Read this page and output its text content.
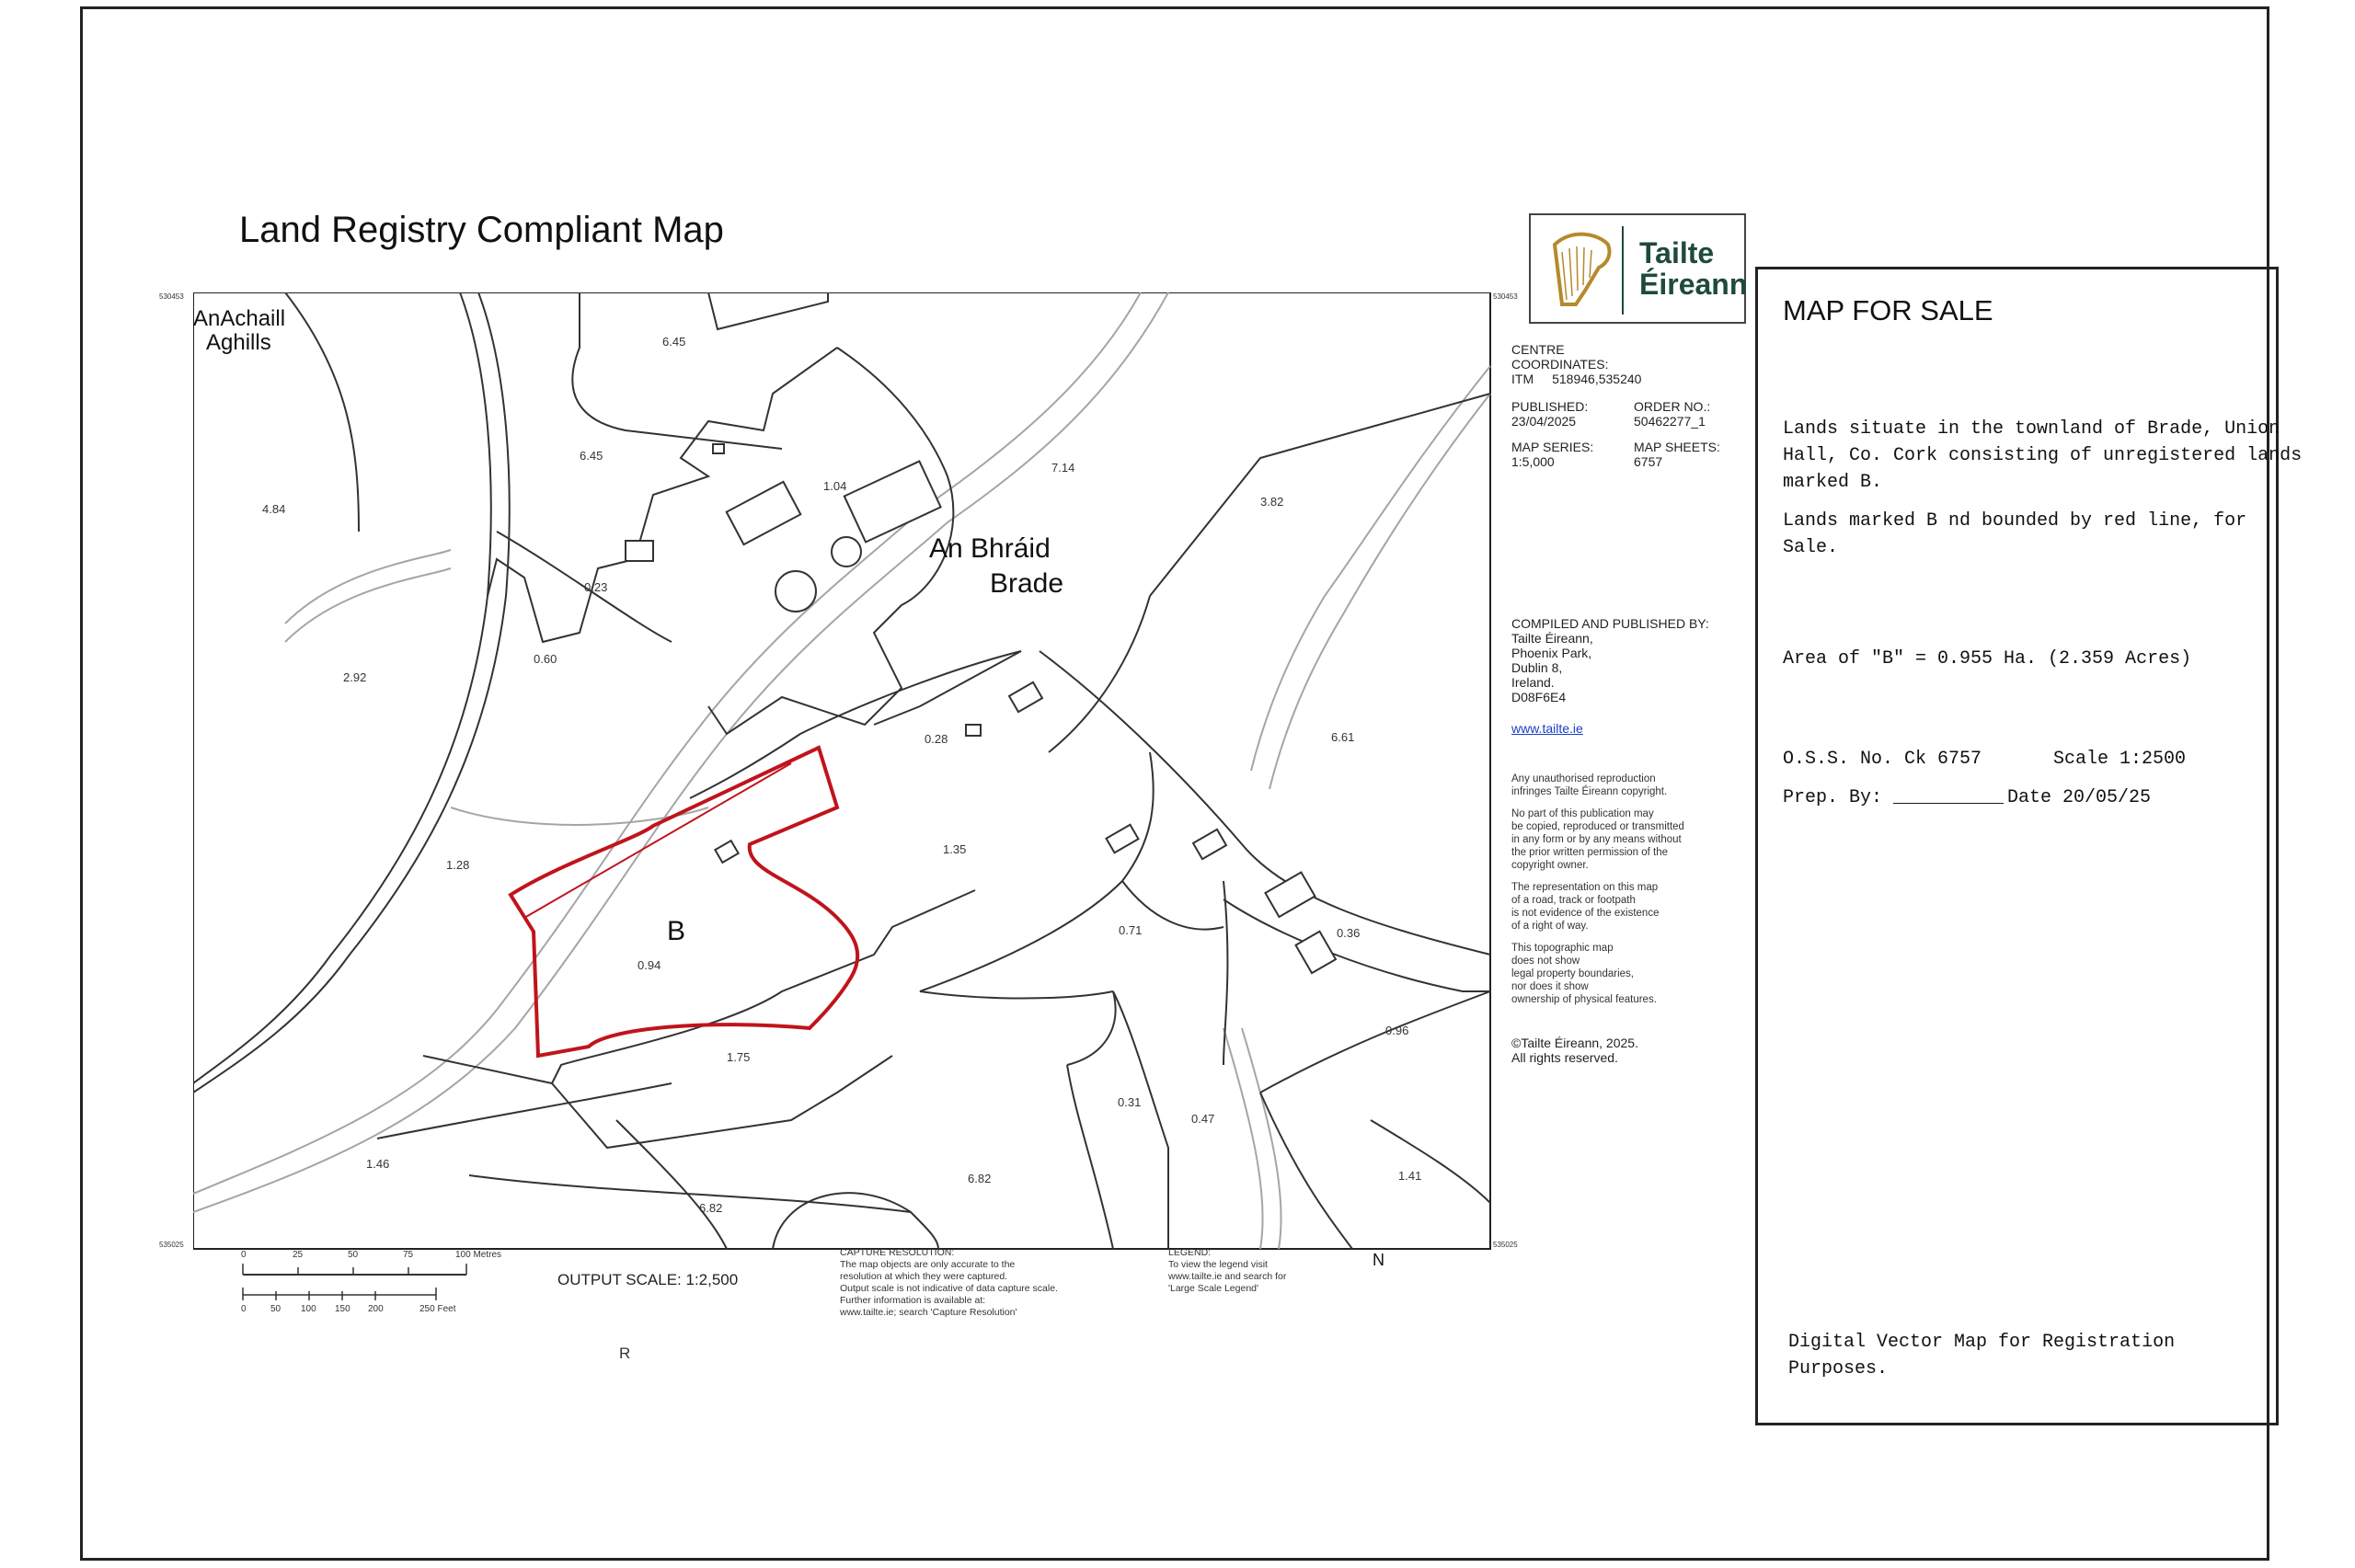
Land Registry Compliant Map
6.45
6.45
1.04
7.14
3.82
4.84
0.23
0.60
2.92
0.28	6.61
1.35
1.28
0.94
0.71	0.36
0.96
1.75
0.31
0.47
1.46
6.82
6.82
1.41
AnAchaill
Aghills
An Bhráid
Brade
B
530453	530453
535025	535025
0	25	50	75	100 Metres
0	50 100 150 200	250 Feet
OUTPUT SCALE: 1:2,500
CAPTURE RESOLUTION:
The map objects are only accurate to the
resolution at which they were captured.
Output scale is not indicative of data capture scale.
Further information is available at:
www.tailte.ie; search 'Capture Resolution'
LEGEND:
To view the legend visit
www.tailte.ie and search for
'Large Scale Legend'
N
R
Tailte
Éireann
CENTRE
COORDINATES:
ITM 518946,535240
PUBLISHED:
23/04/2025
ORDER NO.:
50462277_1
MAP SERIES:
1:5,000
MAP SHEETS:
6757
COMPILED AND PUBLISHED BY:
Tailte Éireann,
Phoenix Park,
Dublin 8,
Ireland.
D08F6E4
www.tailte.ie
Any unauthorised reproduction
infringes Tailte Éireann copyright.
No part of this publication may
be copied, reproduced or transmitted
in any form or by any means without
the prior written permission of the
copyright owner.
The representation on this map
of a road, track or footpath
is not evidence of the existence
of a right of way.
This topographic map
does not show
legal property boundaries,
nor does it show
ownership of physical features.
©Tailte Éireann, 2025.
All rights reserved.
MAP FOR SALE
Lands situate in the townland of Brade, Union
Hall, Co. Cork consisting of unregistered lands
marked B.
Lands marked B nd bounded by red line, for
Sale.
Area of "B" = 0.955 Ha. (2.359 Acres)
O.S.S. No. Ck 6757	Scale 1:2500
Prep. By: __________ Date 20/05/25
Digital Vector Map for Registration
Purposes.
